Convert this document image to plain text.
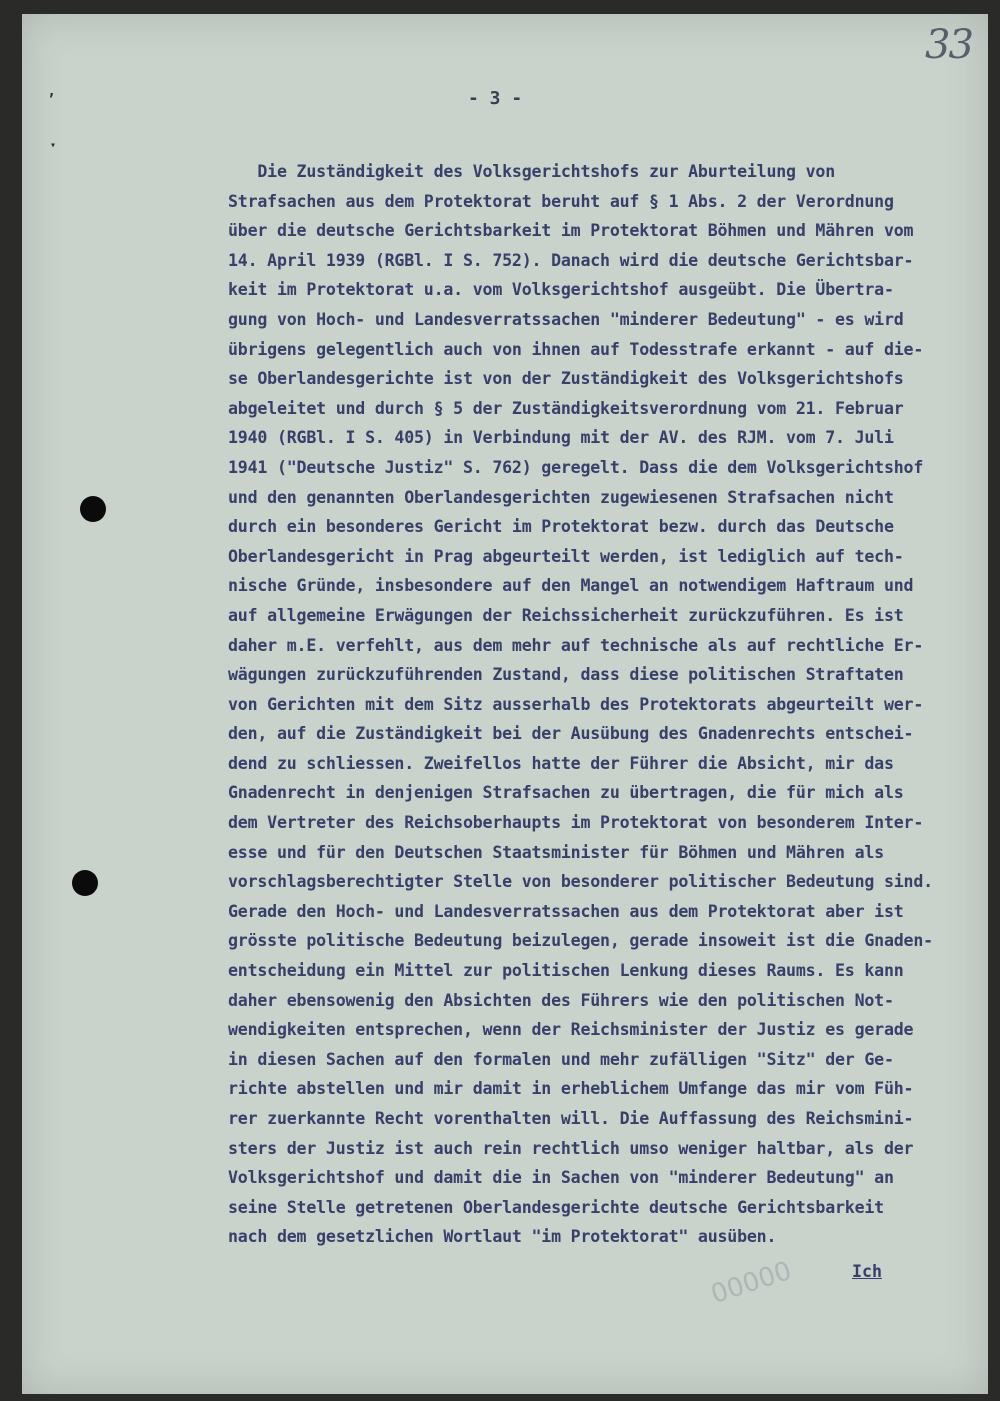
33
- 3 -
’
▾
Die Zuständigkeit des Volksgerichtshofs zur Aburteilung von
Strafsachen aus dem Protektorat beruht auf § 1 Abs. 2 der Verordnung
über die deutsche Gerichtsbarkeit im Protektorat Böhmen und Mähren vom
14. April 1939 (RGBl. I S. 752). Danach wird die deutsche Gerichtsbar-
keit im Protektorat u.a. vom Volksgerichtshof ausgeübt. Die Übertra-
gung von Hoch- und Landesverratssachen "minderer Bedeutung" - es wird
übrigens gelegentlich auch von ihnen auf Todesstrafe erkannt - auf die-
se Oberlandesgerichte ist von der Zuständigkeit des Volksgerichtshofs
abgeleitet und durch § 5 der Zuständigkeitsverordnung vom 21. Februar
1940 (RGBl. I S. 405) in Verbindung mit der AV. des RJM. vom 7. Juli
1941 ("Deutsche Justiz" S. 762) geregelt. Dass die dem Volksgerichtshof
und den genannten Oberlandesgerichten zugewiesenen Strafsachen nicht
durch ein besonderes Gericht im Protektorat bezw. durch das Deutsche
Oberlandesgericht in Prag abgeurteilt werden, ist lediglich auf tech-
nische Gründe, insbesondere auf den Mangel an notwendigem Haftraum und
auf allgemeine Erwägungen der Reichssicherheit zurückzuführen. Es ist
daher m.E. verfehlt, aus dem mehr auf technische als auf rechtliche Er-
wägungen zurückzuführenden Zustand, dass diese politischen Straftaten
von Gerichten mit dem Sitz ausserhalb des Protektorats abgeurteilt wer-
den, auf die Zuständigkeit bei der Ausübung des Gnadenrechts entschei-
dend zu schliessen. Zweifellos hatte der Führer die Absicht, mir das
Gnadenrecht in denjenigen Strafsachen zu übertragen, die für mich als
dem Vertreter des Reichsoberhaupts im Protektorat von besonderem Inter-
esse und für den Deutschen Staatsminister für Böhmen und Mähren als
vorschlagsberechtigter Stelle von besonderer politischer Bedeutung sind.
Gerade den Hoch- und Landesverratssachen aus dem Protektorat aber ist
grösste politische Bedeutung beizulegen, gerade insoweit ist die Gnaden-
entscheidung ein Mittel zur politischen Lenkung dieses Raums. Es kann
daher ebensowenig den Absichten des Führers wie den politischen Not-
wendigkeiten entsprechen, wenn der Reichsminister der Justiz es gerade
in diesen Sachen auf den formalen und mehr zufälligen "Sitz" der Ge-
richte abstellen und mir damit in erheblichem Umfange das mir vom Füh-
rer zuerkannte Recht vorenthalten will. Die Auffassung des Reichsmini-
sters der Justiz ist auch rein rechtlich umso weniger haltbar, als der
Volksgerichtshof und damit die in Sachen von "minderer Bedeutung" an
seine Stelle getretenen Oberlandesgerichte deutsche Gerichtsbarkeit
nach dem gesetzlichen Wortlaut "im Protektorat" ausüben.
00000	Ich
